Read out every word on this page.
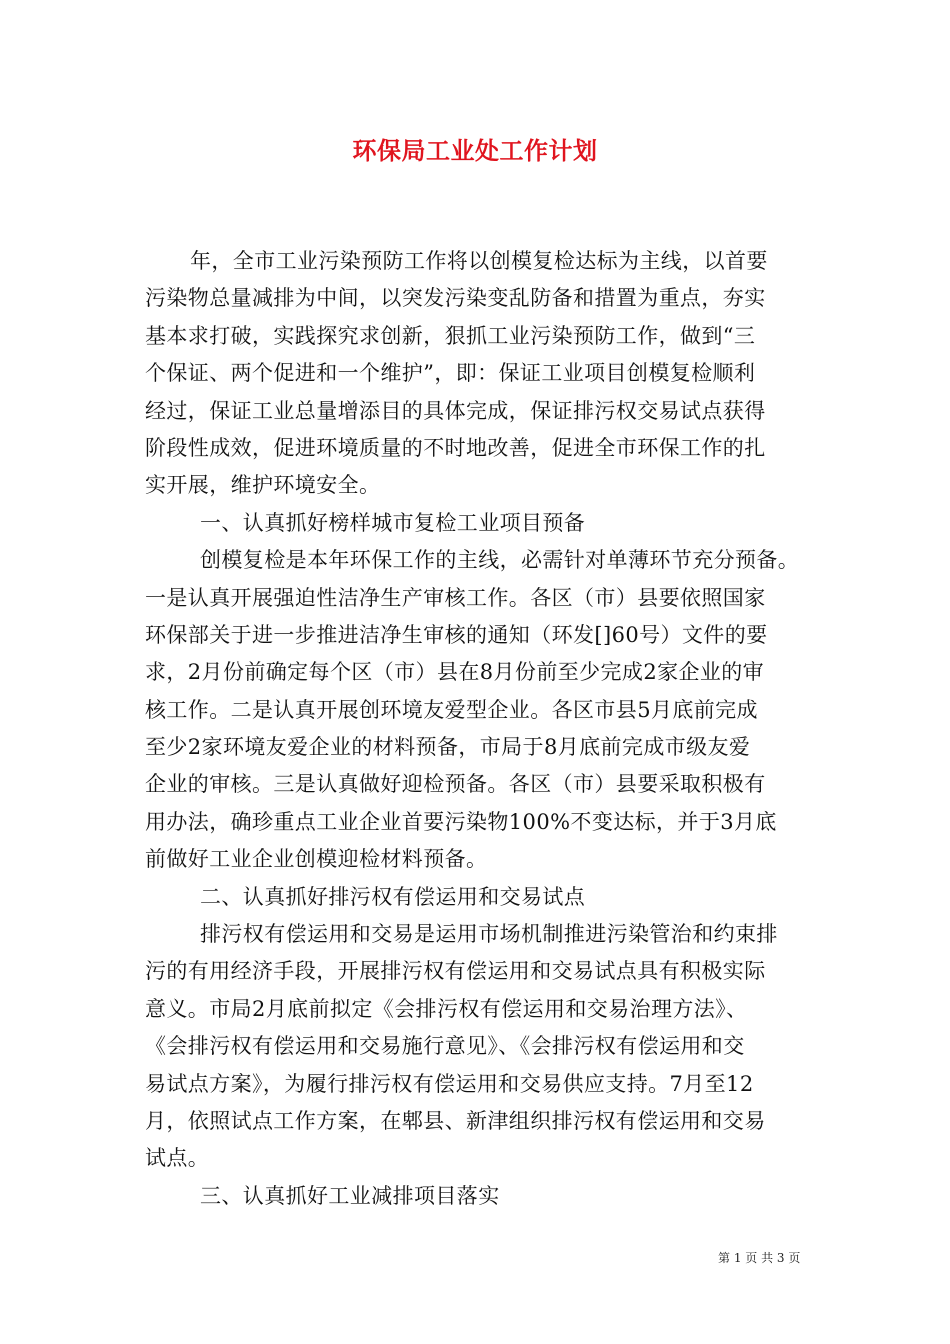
环保局工业处工作计划
年，全市工业污染预防工作将以创模复检达标为主线，以首要
污染物总量减排为中间，以突发污染变乱防备和措置为重点，夯实
基本求打破，实践探究求创新，狠抓工业污染预防工作，做到“三
个保证、两个促进和一个维护”，即：保证工业项目创模复检顺利
经过，保证工业总量增添目的具体完成，保证排污权交易试点获得
阶段性成效，促进环境质量的不时地改善，促进全市环保工作的扎
实开展，维护环境安全。
一、认真抓好榜样城市复检工业项目预备
创模复检是本年环保工作的主线，必需针对单薄环节充分预备。
一是认真开展强迫性洁净生产审核工作。各区（市）县要依照国家
环保部关于进一步推进洁净生审核的通知（环发[]60号）文件的要
求，2月份前确定每个区（市）县在8月份前至少完成2家企业的审
核工作。二是认真开展创环境友爱型企业。各区市县5月底前完成
至少2家环境友爱企业的材料预备，市局于8月底前完成市级友爱
企业的审核。三是认真做好迎检预备。各区（市）县要采取积极有
用办法，确珍重点工业企业首要污染物100%不变达标，并于3月底
前做好工业企业创模迎检材料预备。
二、认真抓好排污权有偿运用和交易试点
排污权有偿运用和交易是运用市场机制推进污染管治和约束排
污的有用经济手段，开展排污权有偿运用和交易试点具有积极实际
意义。市局2月底前拟定《会排污权有偿运用和交易治理方法》、
《会排污权有偿运用和交易施行意见》、《会排污权有偿运用和交
易试点方案》，为履行排污权有偿运用和交易供应支持。7月至12
月，依照试点工作方案，在郫县、新津组织排污权有偿运用和交易
试点。
三、认真抓好工业减排项目落实
第 1 页 共 3 页
